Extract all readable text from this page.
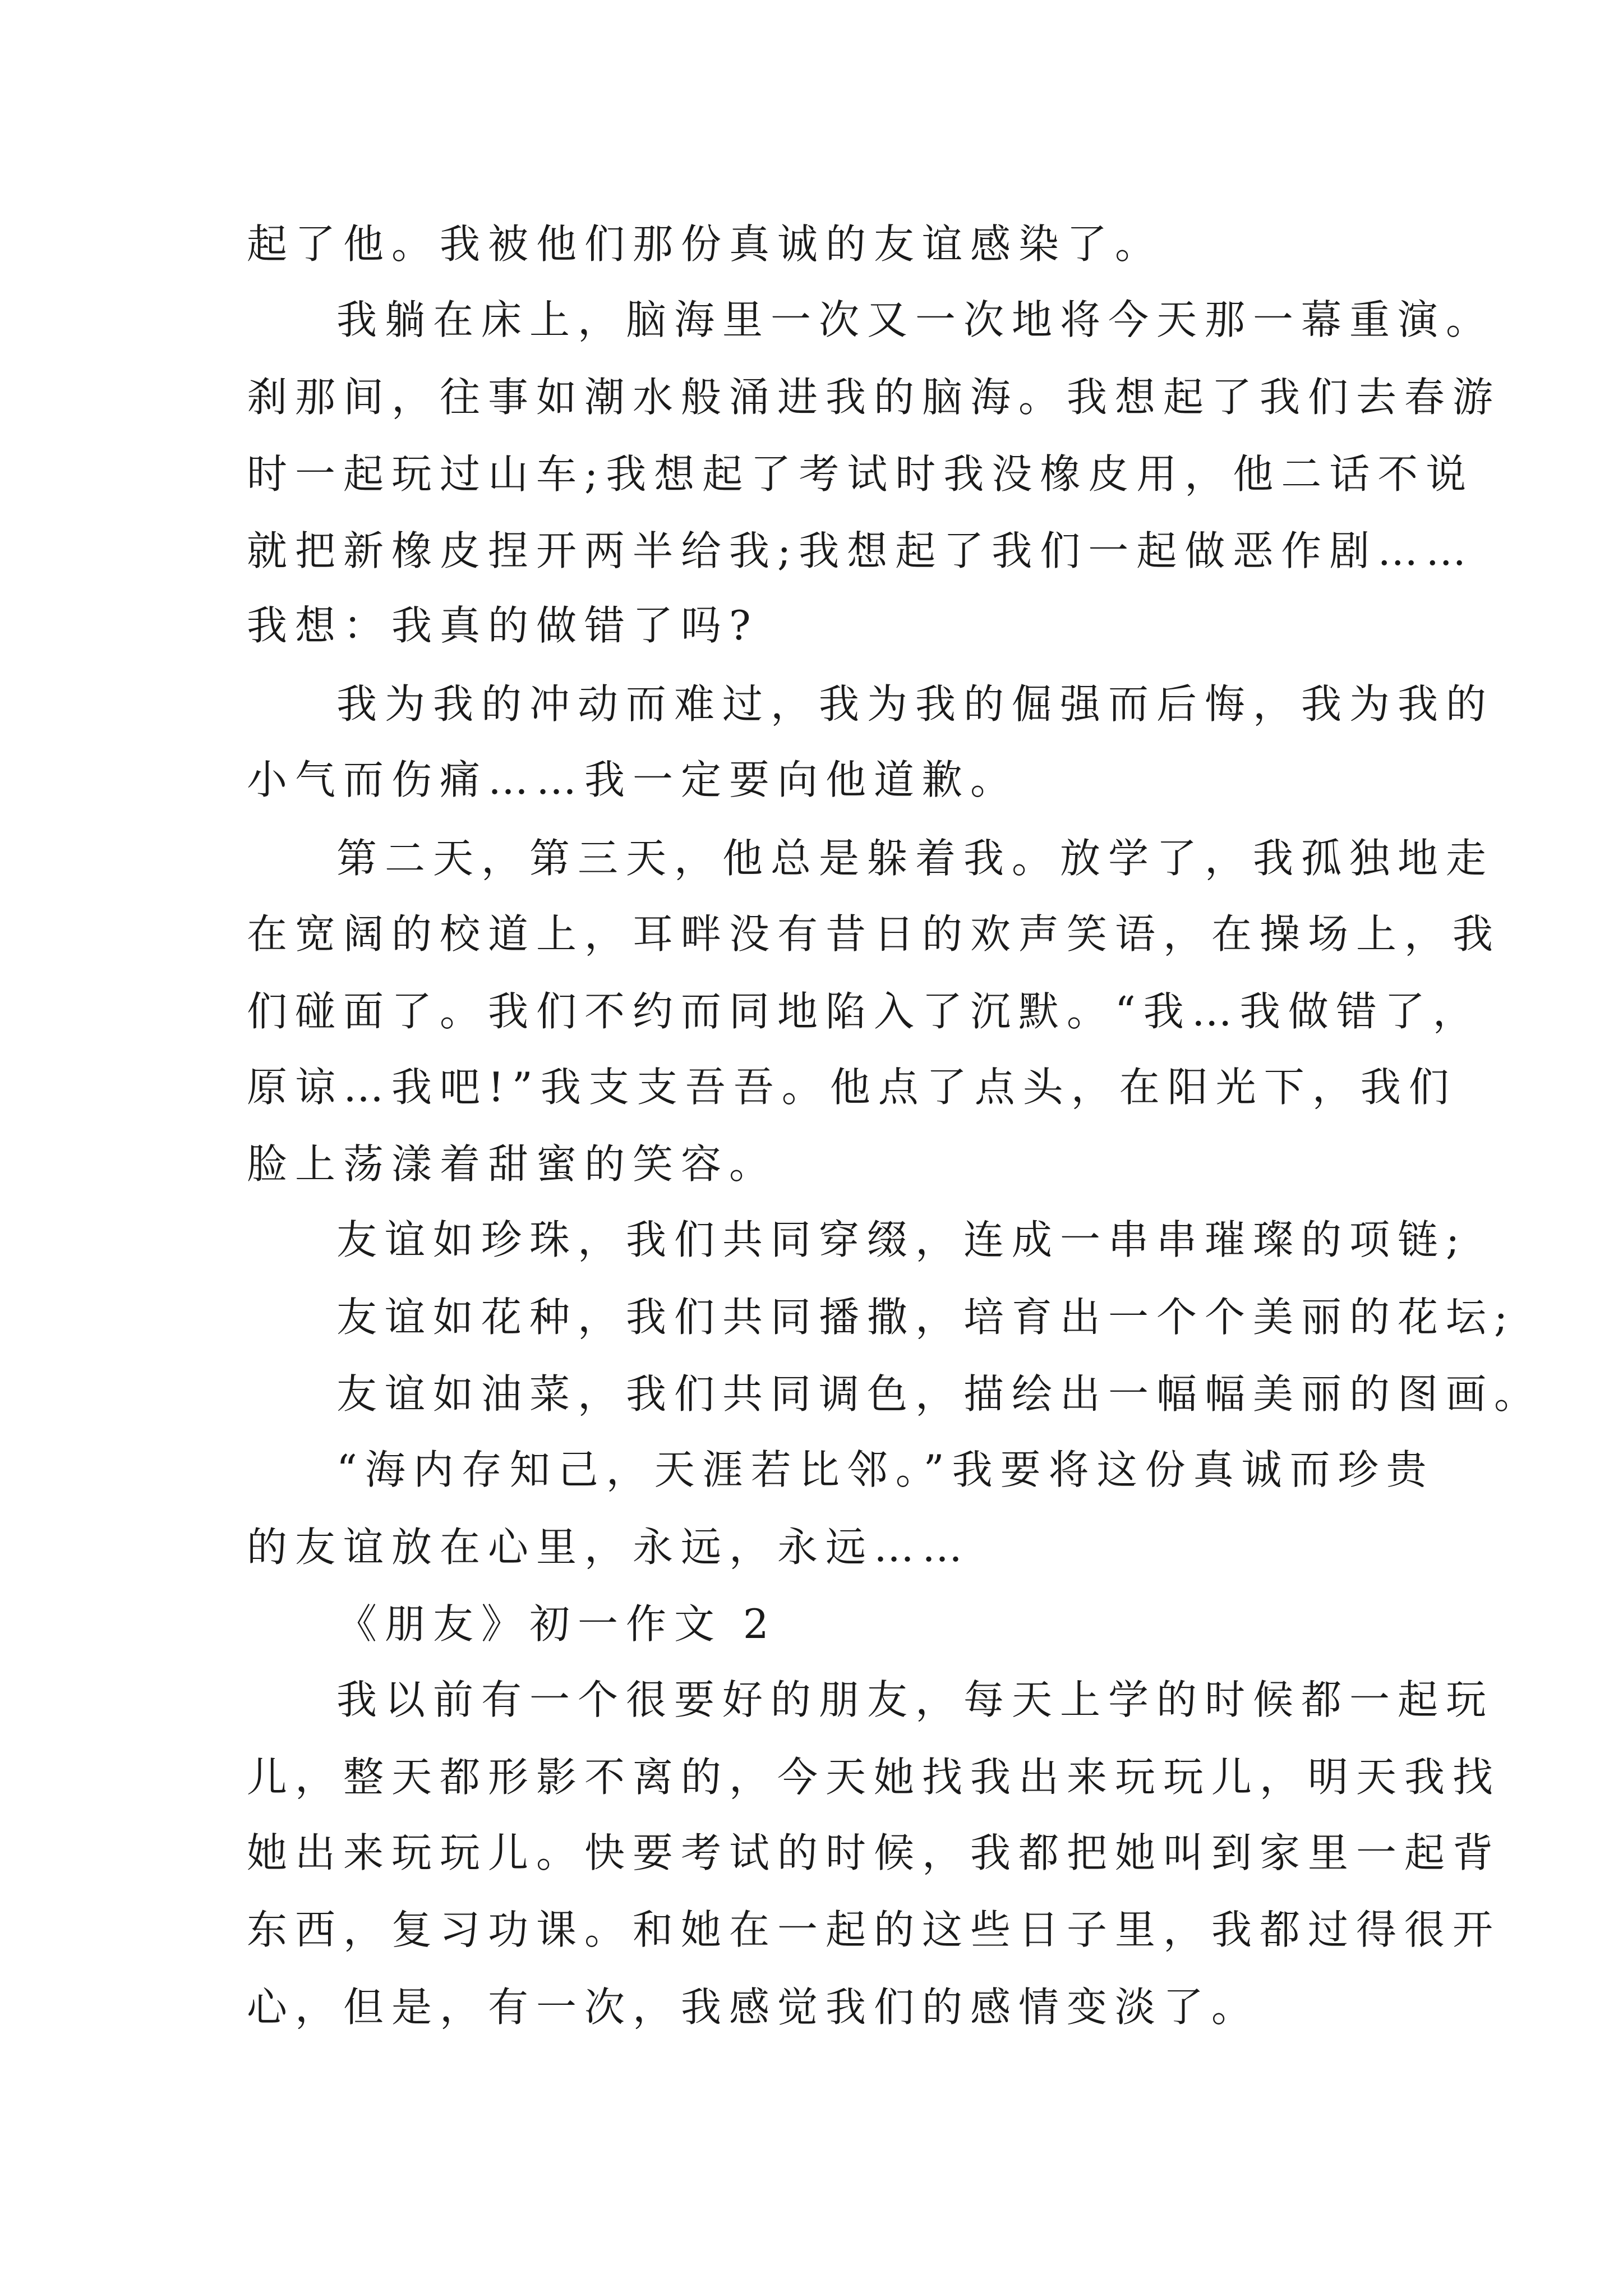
起了他。我被他们那份真诚的友谊感染了。
我躺在床上，脑海里一次又一次地将今天那一幕重演。
刹那间，往事如潮水般涌进我的脑海。我想起了我们去春游
时一起玩过山车;我想起了考试时我没橡皮用，他二话不说
就把新橡皮捏开两半给我;我想起了我们一起做恶作剧……
我想：我真的做错了吗?
我为我的冲动而难过，我为我的倔强而后悔，我为我的
小气而伤痛……我一定要向他道歉。
第二天，第三天，他总是躲着我。放学了，我孤独地走
在宽阔的校道上，耳畔没有昔日的欢声笑语，在操场上，我
们碰面了。我们不约而同地陷入了沉默。“我…我做错了，
原谅…我吧!”我支支吾吾。他点了点头，在阳光下，我们
脸上荡漾着甜蜜的笑容。
友谊如珍珠，我们共同穿缀，连成一串串璀璨的项链;
友谊如花种，我们共同播撒，培育出一个个美丽的花坛;
友谊如油菜，我们共同调色，描绘出一幅幅美丽的图画。
“海内存知己，天涯若比邻。”我要将这份真诚而珍贵
的友谊放在心里，永远，永远……
《朋友》初一作文 2
我以前有一个很要好的朋友，每天上学的时候都一起玩
儿，整天都形影不离的，今天她找我出来玩玩儿，明天我找
她出来玩玩儿。快要考试的时候，我都把她叫到家里一起背
东西，复习功课。和她在一起的这些日子里，我都过得很开
心，但是，有一次，我感觉我们的感情变淡了。
